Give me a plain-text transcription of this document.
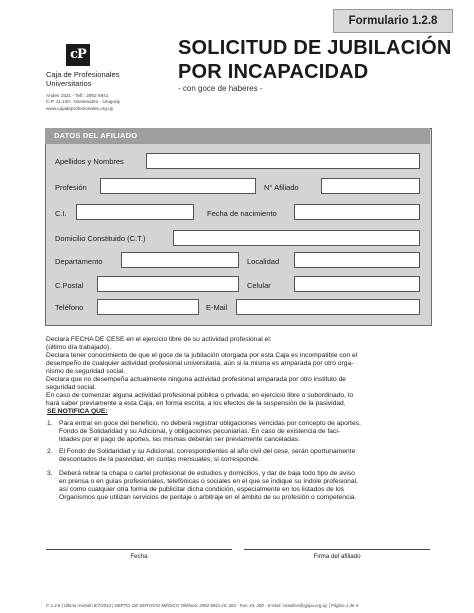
Formulario 1.2.8
cP
Caja de Profesionales
Universitarios
Andes 1521 - Telf.: 2902 8941
C.P. 11.100 - Montevideo - Uruguay
www.cajadeprofesionales.org.uy
SOLICITUD DE JUBILACIÓN
POR INCAPACIDAD
- con goce de haberes -
DATOS DEL AFILIADO
Apellidos y Nombres
Profesión	N° Afiliado
C.I.	Fecha de nacimiento
Domicilio Constituido (C.T.)
Departamento	Localidad
C.Postal	Celular
Teléfono	E-Mail
Declara FECHA DE CESE en el ejercicio libre de su actividad profesional el:
(último día trabajado).
Declara tener conocimiento de que el goce de la jubilación otorgada por esta Caja es incompatible con el
desempeño de cualquier actividad profesional universitaria, aún si la misma es amparada por otro orga-
nismo de seguridad social.
Declara que no desempeña actualmente ninguna actividad profesional amparada por otro instituto de
seguridad social.
En caso de comenzar alguna actividad profesional pública o privada, en ejercicio libre o subordinado, lo
hará saber previamente a esta Caja, en forma escrita, a los efectos de la suspensión de la pasividad.
SE NOTIFICA QUE:
1. Para entrar en goce del beneficio, no deberá registrar obligaciones vencidas por concepto de aportes,
Fondo de Solidaridad y su Adicional, y obligaciones pecuniarias. En caso de existencia de faci-
lidades por el pago de aportes, las mismas deberán ser previamente canceladas.
2. El Fondo de Solidaridad y su Adicional, correspondientes al año civil del cese, serán oportunamente
descontados de la pasividad, en cuotas mensuales, si corresponde.
3. Deberá retirar la chapa o cartel profesional de estudios y domicilios, y dar de baja todo tipo de aviso
en prensa o en guías profesionales, telefónicas o sociales en el que se indique su índole profesional,
así como cualquier otra forma de publicitar dicha condición, especialmente en los listados de los
Organismos que utilizan servicios de peritaje o arbitraje en el ámbito de su profesión o competencia.
Fecha	Firma del afiliado
F. 1.2.8 | Última revisión 8/7/2014 | DEPTO. DE SERVICIO MÉDICO Teléfono: 2902 8941 int. 283 - Fax: int. 280 - E-Mail: smedico@cjppu.org.uy | Página 1 de 4
